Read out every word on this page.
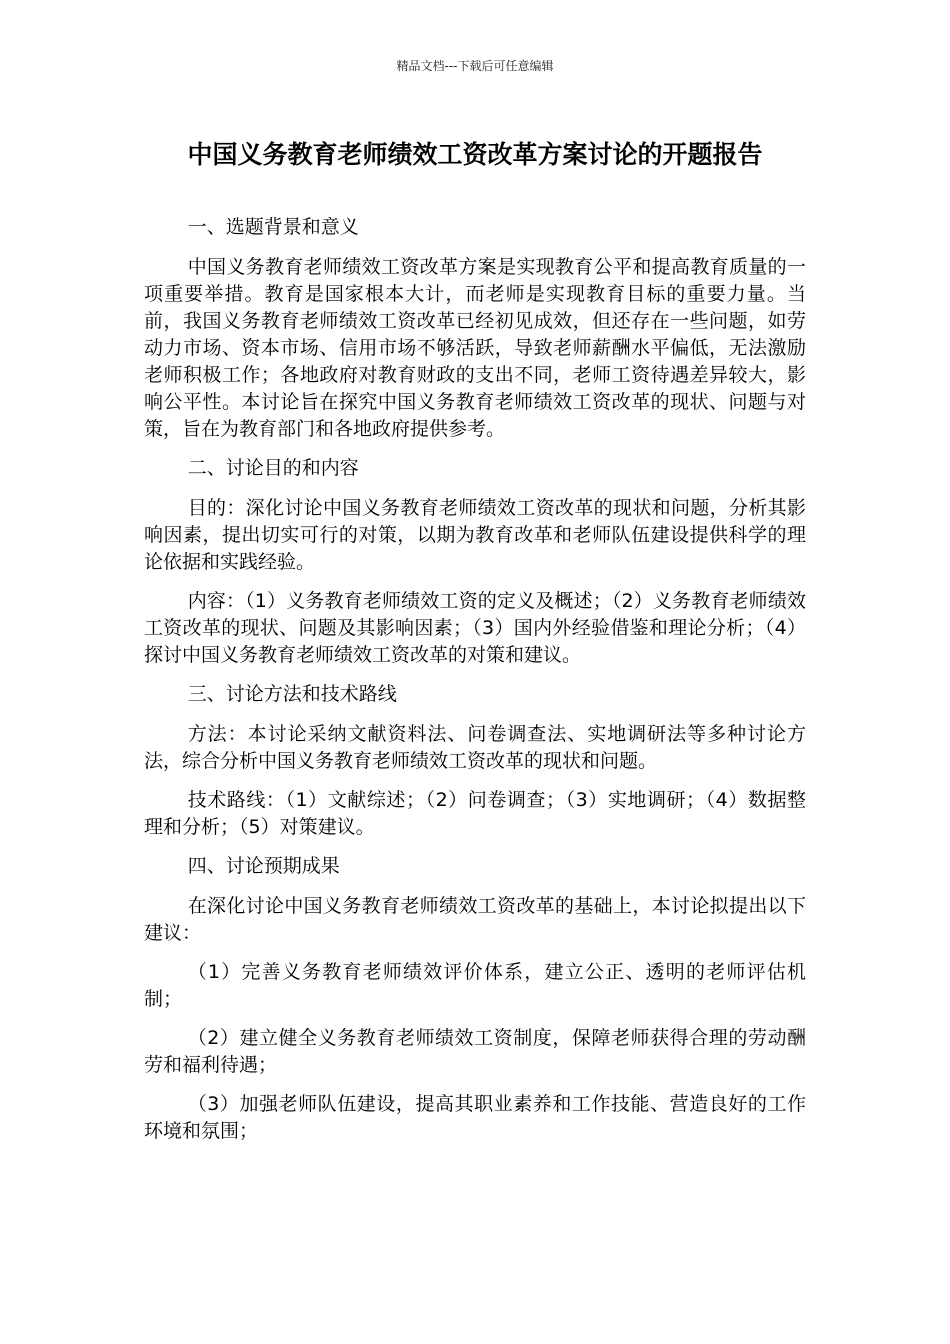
精品文档---下载后可任意编辑
中国义务教育老师绩效工资改革方案讨论的开题报告

一、选题背景和意义

中国义务教育老师绩效工资改革方案是实现教育公平和提高教育质量的一项重要举措。教育是国家根本大计，而老师是实现教育目标的重要力量。当前，我国义务教育老师绩效工资改革已经初见成效，但还存在一些问题，如劳动力市场、资本市场、信用市场不够活跃，导致老师薪酬水平偏低，无法激励老师积极工作；各地政府对教育财政的支出不同，老师工资待遇差异较大，影响公平性。本讨论旨在探究中国义务教育老师绩效工资改革的现状、问题与对策，旨在为教育部门和各地政府提供参考。

二、讨论目的和内容

目的：深化讨论中国义务教育老师绩效工资改革的现状和问题，分析其影响因素，提出切实可行的对策，以期为教育改革和老师队伍建设提供科学的理论依据和实践经验。

内容：（1）义务教育老师绩效工资的定义及概述；（2）义务教育老师绩效工资改革的现状、问题及其影响因素；（3）国内外经验借鉴和理论分析；（4）探讨中国义务教育老师绩效工资改革的对策和建议。

三、讨论方法和技术路线

方法：本讨论采纳文献资料法、问卷调查法、实地调研法等多种讨论方法，综合分析中国义务教育老师绩效工资改革的现状和问题。

技术路线：（1）文献综述；（2）问卷调查；（3）实地调研；（4）数据整理和分析；（5）对策建议。

四、讨论预期成果

在深化讨论中国义务教育老师绩效工资改革的基础上，本讨论拟提出以下建议：

（1）完善义务教育老师绩效评价体系，建立公正、透明的老师评估机制；

（2）建立健全义务教育老师绩效工资制度，保障老师获得合理的劳动酬劳和福利待遇；

（3）加强老师队伍建设，提高其职业素养和工作技能、营造良好的工作环境和氛围；
